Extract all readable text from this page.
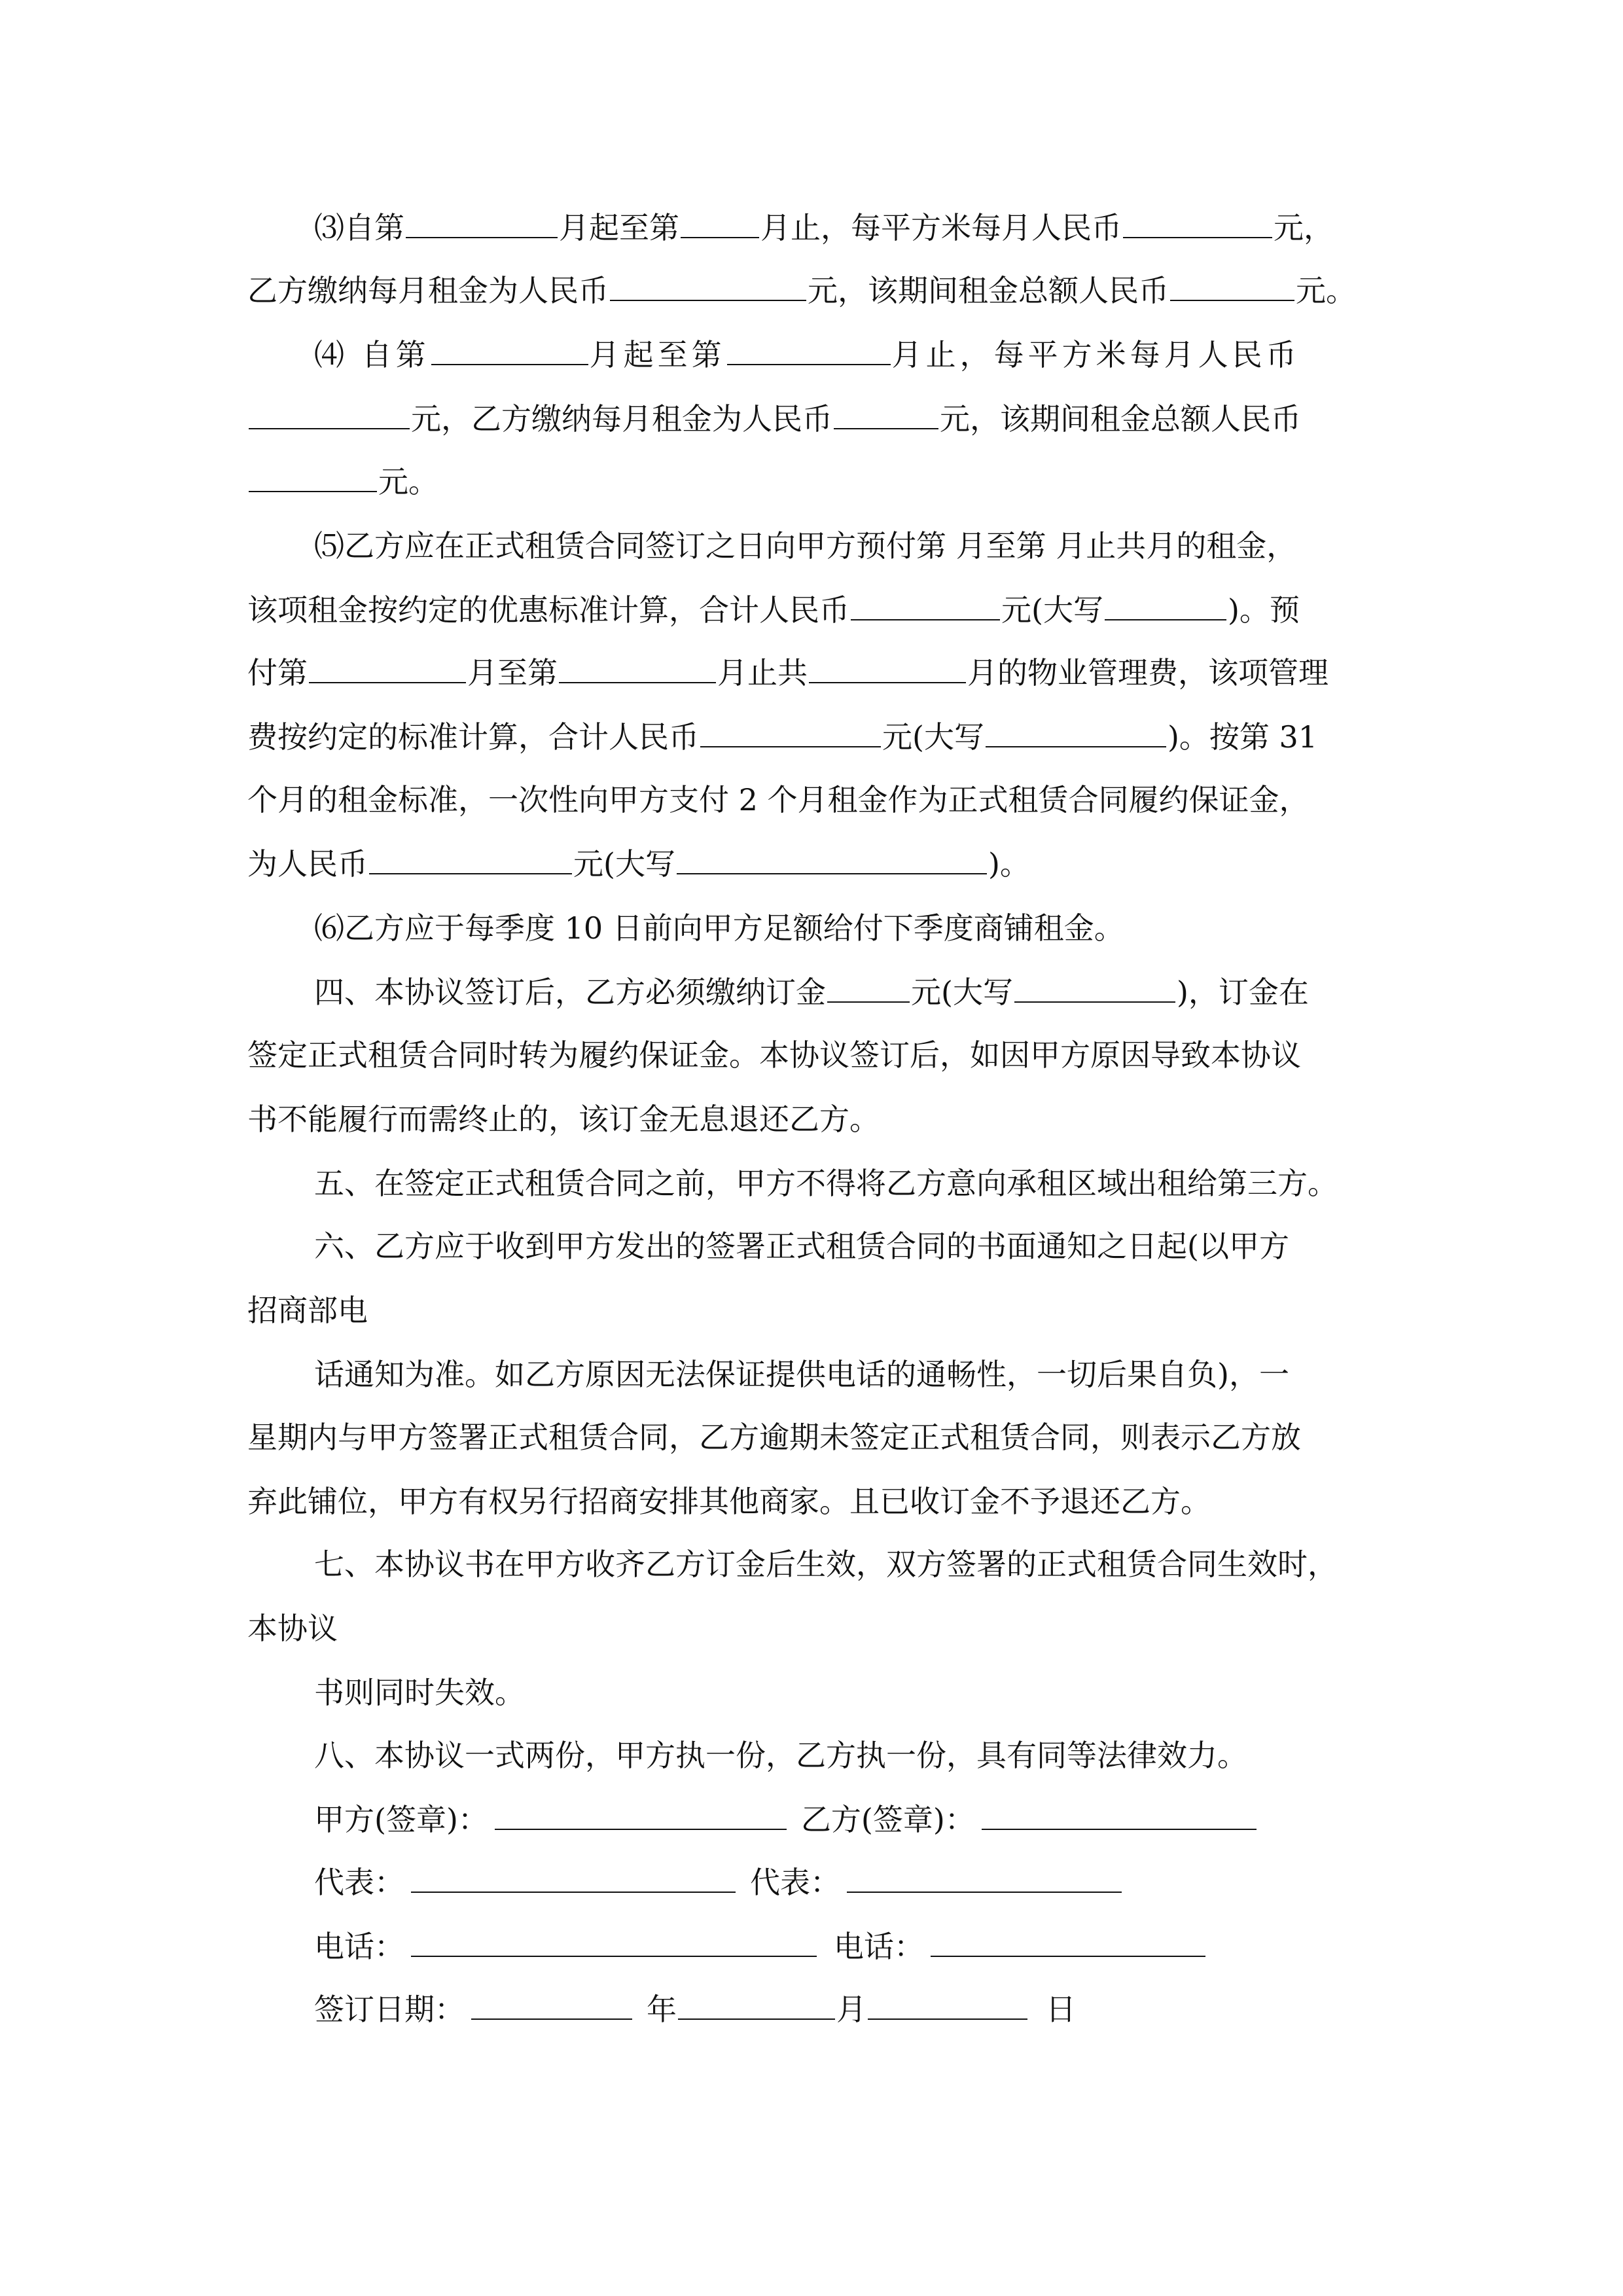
⑶自第	月起至第	月止，每平方米每月人民币	元，
乙方缴纳每月租金为人民币	元，该期间租金总额人民币	元。
⑷ 自第	月起至第	月止，每平方米每月人民币
元，乙方缴纳每月租金为人民币	元，该期间租金总额人民币
元。
⑸乙方应在正式租赁合同签订之日向甲方预付第 月至第 月止共月的租金，
该项租金按约定的优惠标准计算，合计人民币	元(大写	)。预
付第	月至第	月止共	月的物业管理费，该项管理
费按约定的标准计算，合计人民币	元(大写	)。按第 31
个月的租金标准，一次性向甲方支付 2 个月租金作为正式租赁合同履约保证金，
为人民币	元(大写	)。
⑹乙方应于每季度 10 日前向甲方足额给付下季度商铺租金。
四、本协议签订后，乙方必须缴纳订金	元(大写	)，订金在
签定正式租赁合同时转为履约保证金。本协议签订后，如因甲方原因导致本协议
书不能履行而需终止的，该订金无息退还乙方。
五、在签定正式租赁合同之前，甲方不得将乙方意向承租区域出租给第三方。
六、乙方应于收到甲方发出的签署正式租赁合同的书面通知之日起(以甲方
招商部电
话通知为准。如乙方原因无法保证提供电话的通畅性，一切后果自负)，一
星期内与甲方签署正式租赁合同，乙方逾期未签定正式租赁合同，则表示乙方放
弃此铺位，甲方有权另行招商安排其他商家。且已收订金不予退还乙方。
七、本协议书在甲方收齐乙方订金后生效，双方签署的正式租赁合同生效时，
本协议
书则同时失效。
八、本协议一式两份，甲方执一份，乙方执一份，具有同等法律效力。
甲方(签章)：	乙方(签章)：
代表：	代表：
电话：	电话：
签订日期：	年	月	日
